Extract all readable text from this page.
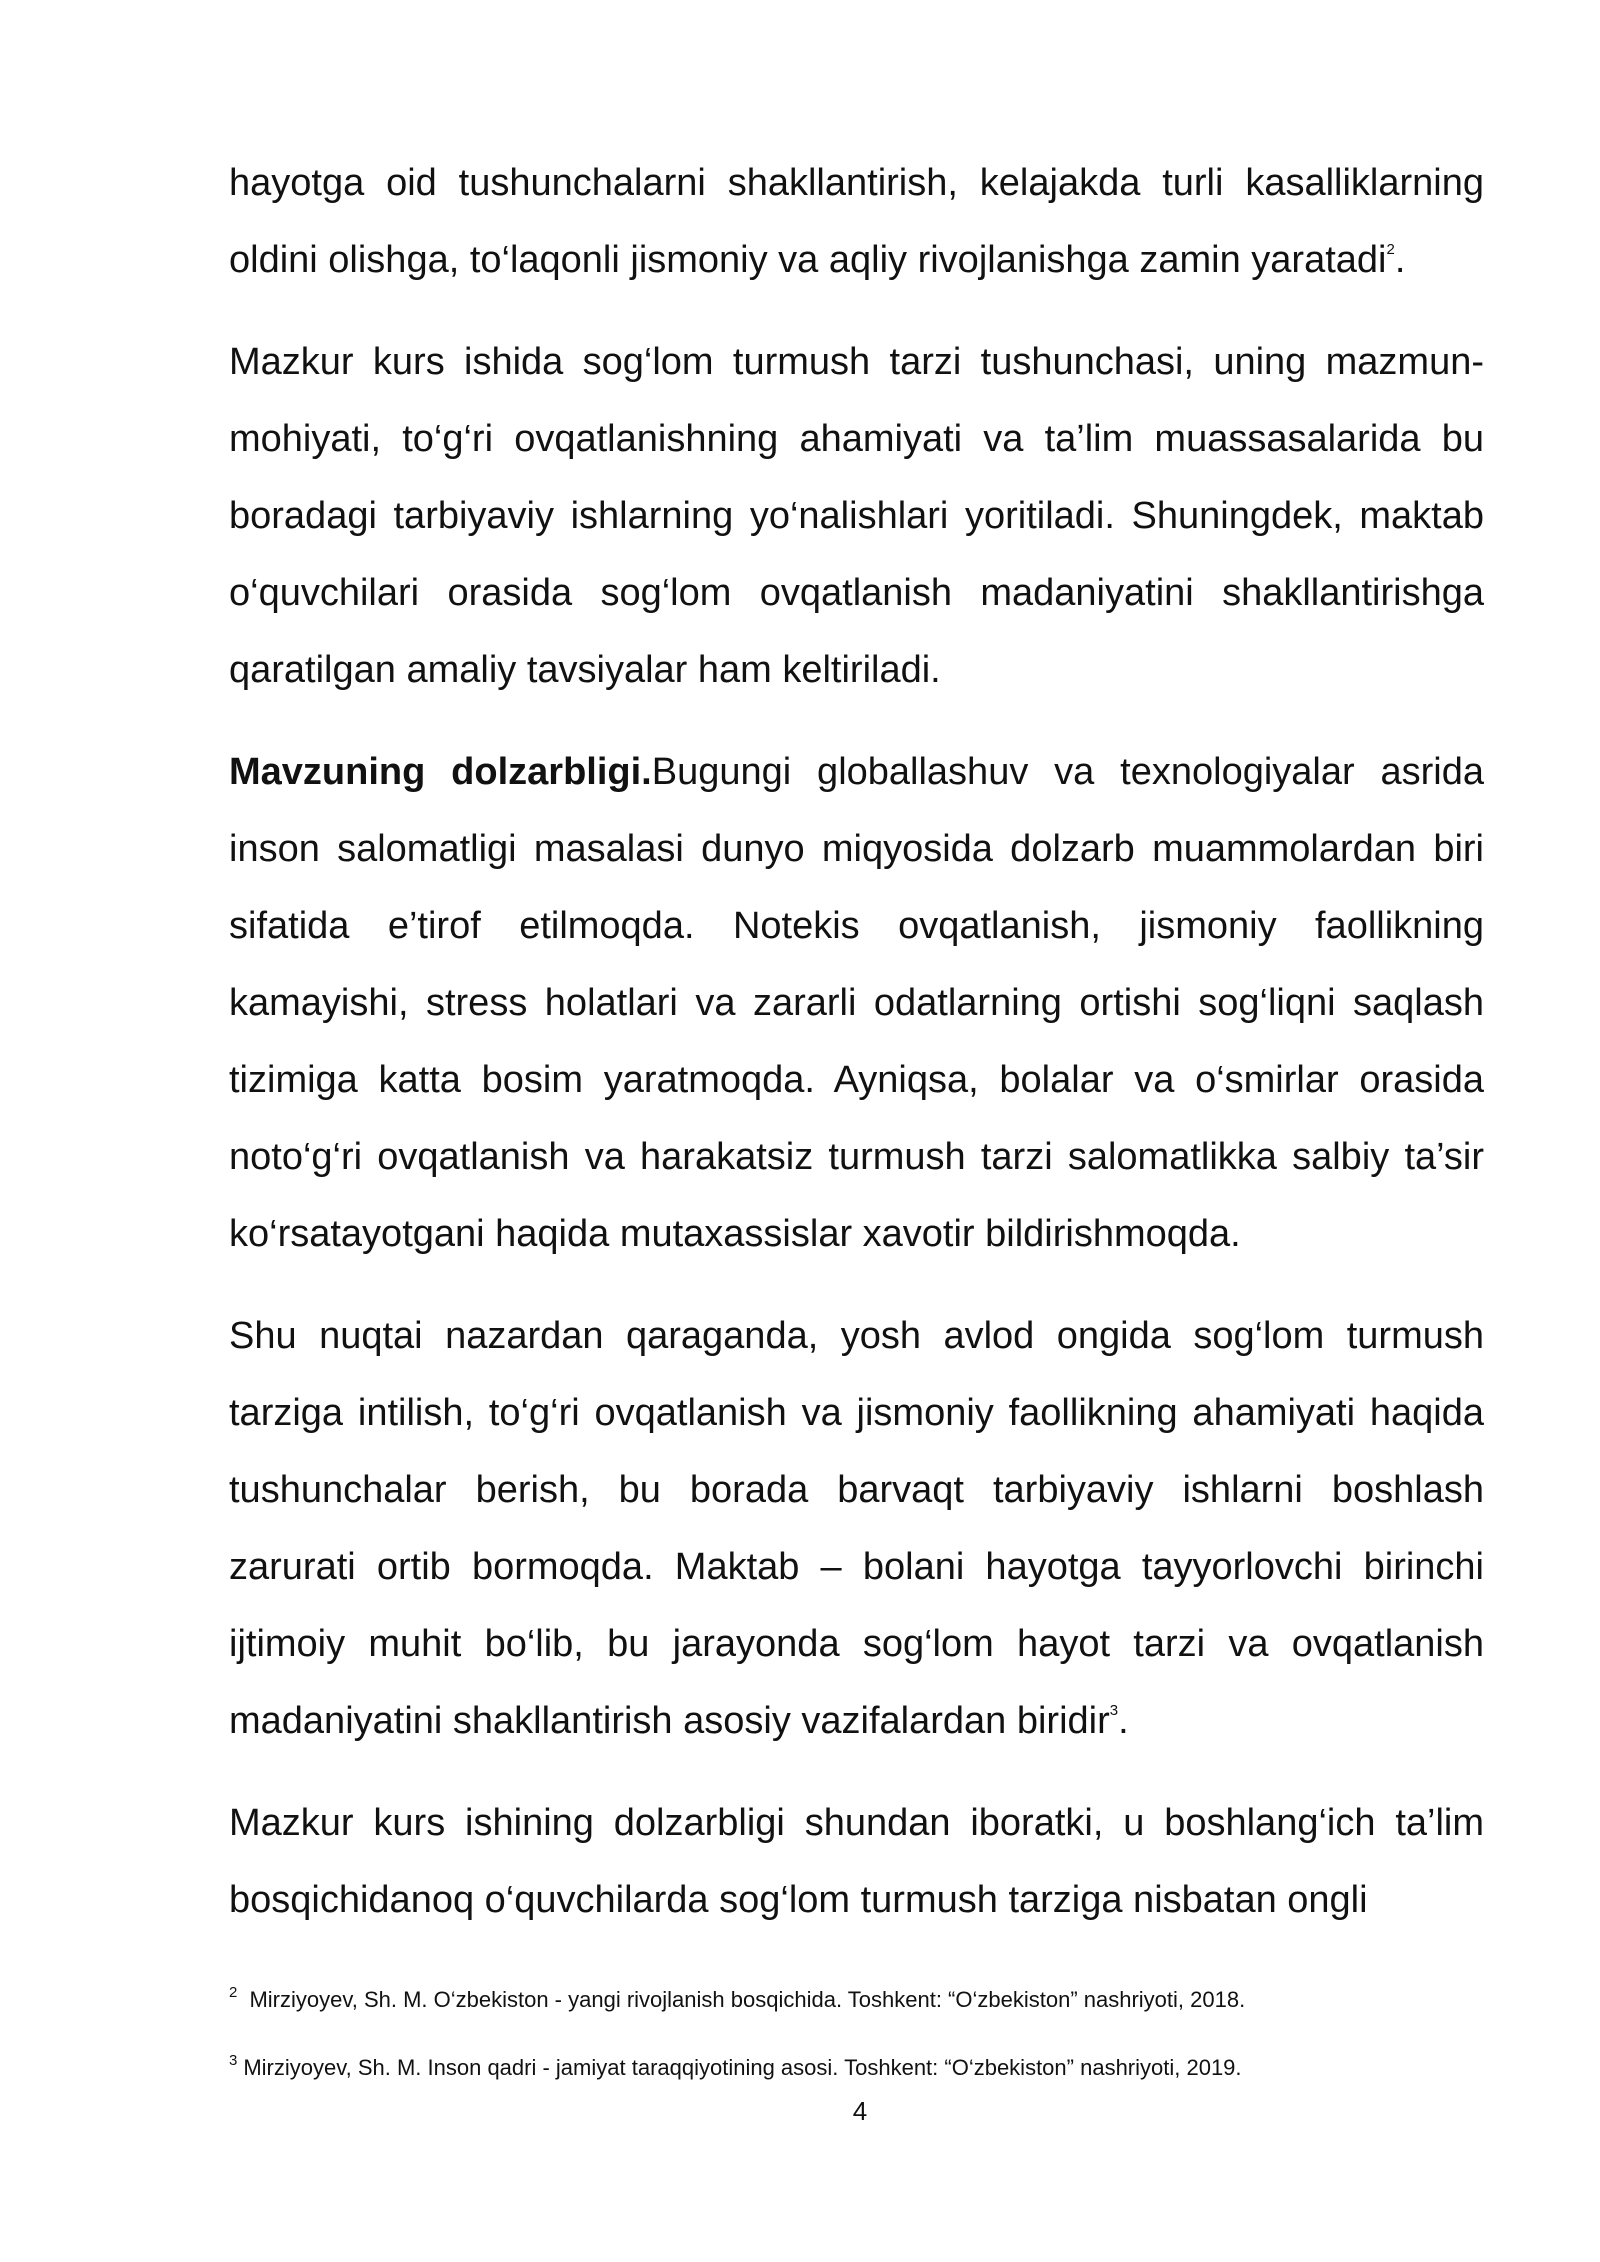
hayotga oid tushunchalarni shakllantirish, kelajakda turli kasalliklarning oldini olishga, to‘laqonli jismoniy va aqliy rivojlanishga zamin yaratadi$^2$.

Mazkur kurs ishida sog‘lom turmush tarzi tushunchasi, uning mazmun-mohiyati, to‘g‘ri ovqatlanishning ahamiyati va ta’lim muassasalarida bu boradagi tarbiyaviy ishlarning yo‘nalishlari yoritiladi. Shuningdek, maktab o‘quvchilari orasida sog‘lom ovqatlanish madaniyatini shakllantirishga qaratilgan amaliy tavsiyalar ham keltiriladi.

Mavzuning dolzarbligi.Bugungi globallashuv va texnologiyalar asrida inson salomatligi masalasi dunyo miqyosida dolzarb muammolardan biri sifatida e’tirof etilmoqda. Notekis ovqatlanish, jismoniy faollikning kamayishi, stress holatlari va zararli odatlarning ortishi sog‘liqni saqlash tizimiga katta bosim yaratmoqda. Ayniqsa, bolalar va o‘smirlar orasida noto‘g‘ri ovqatlanish va harakatsiz turmush tarzi salomatlikka salbiy ta’sir ko‘rsatayotgani haqida mutaxassislar xavotir bildirishmoqda.

Shu nuqtai nazardan qaraganda, yosh avlod ongida sog‘lom turmush tarziga intilish, to‘g‘ri ovqatlanish va jismoniy faollikning ahamiyati haqida tushunchalar berish, bu borada barvaqt tarbiyaviy ishlarni boshlash zarurati ortib bormoqda. Maktab – bolani hayotga tayyorlovchi birinchi ijtimoiy muhit bo‘lib, bu jarayonda sog‘lom hayot tarzi va ovqatlanish madaniyatini shakllantirish asosiy vazifalardan biridir$^3$.

Mazkur kurs ishining dolzarbligi shundan iboratki, u boshlang‘ich ta’lim bosqichidanoq o‘quvchilarda sog‘lom turmush tarziga nisbatan ongli

$^2$ Mirziyoyev, Sh. M. O‘zbekiston - yangi rivojlanish bosqichida. Toshkent: “O‘zbekiston” nashriyoti, 2018.
$^3$ Mirziyoyev, Sh. M. Inson qadri - jamiyat taraqqiyotining asosi. Toshkent: “O‘zbekiston” nashriyoti, 2019.
4
